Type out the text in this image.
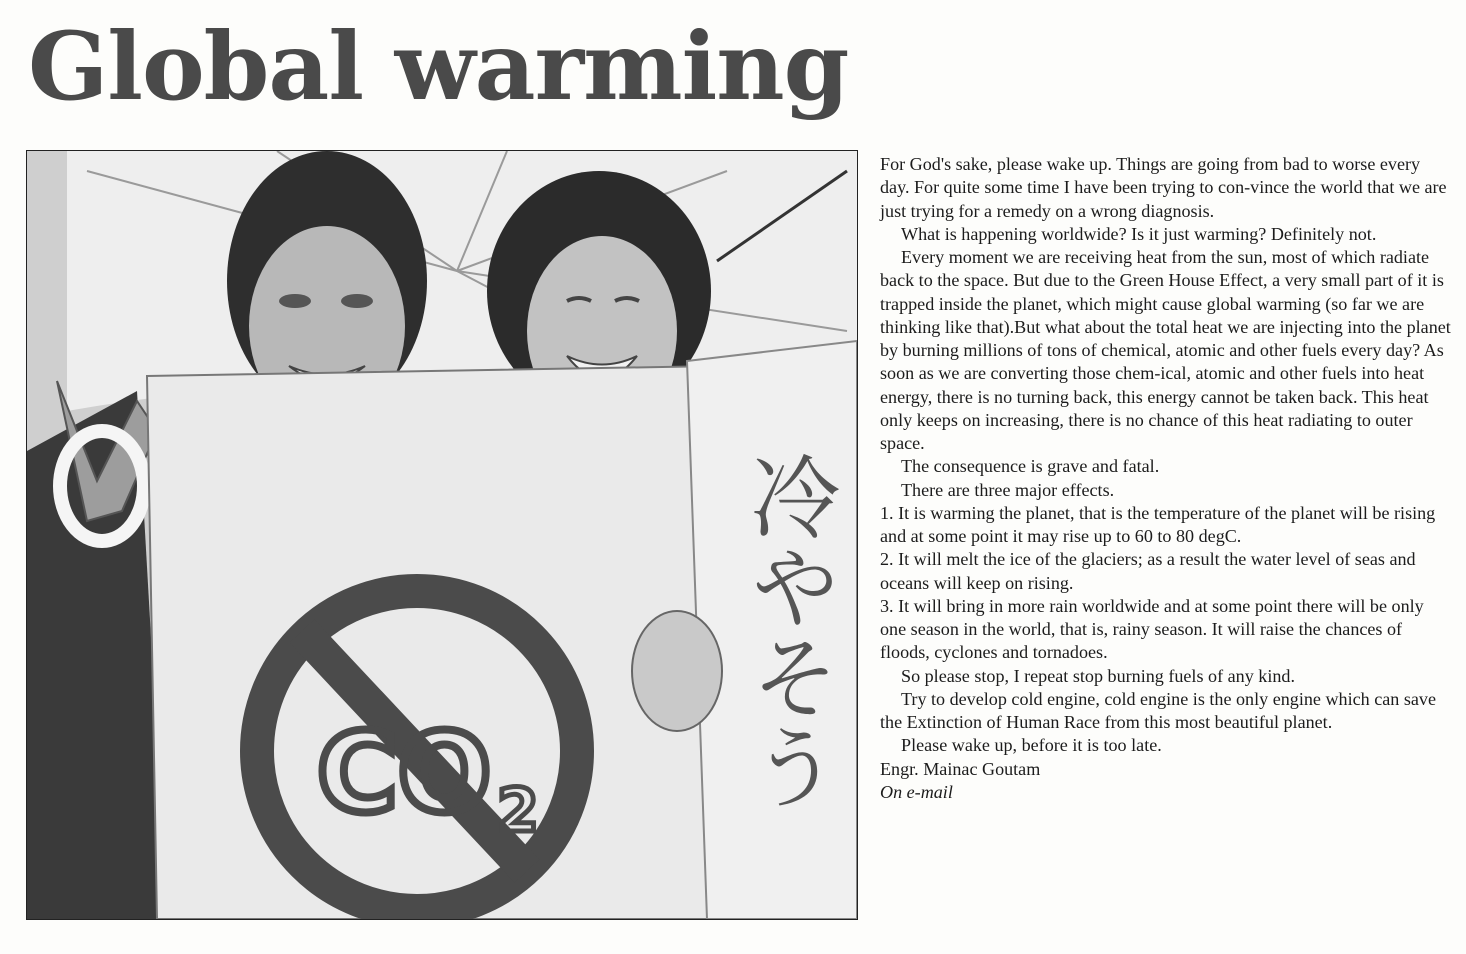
Global warming
CO 2 冷やそう

For God's sake, please wake up. Things are going from bad to worse every day. For quite some time I have been trying to con-vince the world that we are just trying for a remedy on a wrong diagnosis.

What is happening worldwide? Is it just warming? Definitely not.

Every moment we are receiving heat from the sun, most of which radiate back to the space. But due to the Green House Effect, a very small part of it is trapped inside the planet, which might cause global warming (so far we are thinking like that).But what about the total heat we are injecting into the planet by burning millions of tons of chemical, atomic and other fuels every day? As soon as we are converting those chem-ical, atomic and other fuels into heat energy, there is no turning back, this energy cannot be taken back. This heat only keeps on increasing, there is no chance of this heat radiating to outer space.

The consequence is grave and fatal.

There are three major effects.

1. It is warming the planet, that is the temperature of the planet will be rising and at some point it may rise up to 60 to 80 degC.

2. It will melt the ice of the glaciers; as a result the water level of seas and oceans will keep on rising.

3. It will bring in more rain worldwide and at some point there will be only one season in the world, that is, rainy season. It will raise the chances of floods, cyclones and tornadoes.

So please stop, I repeat stop burning fuels of any kind.

Try to develop cold engine, cold engine is the only engine which can save the Extinction of Human Race from this most beautiful planet.

Please wake up, before it is too late.

Engr. Mainac Goutam

On e-mail
